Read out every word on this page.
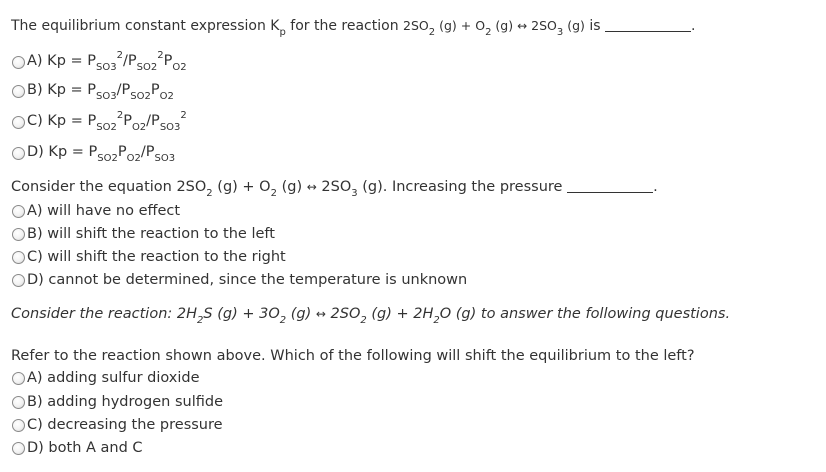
The equilibrium constant expression $K_p$ for the reaction $2SO_2$ $(g) + O_2$ (g) ↔ $2SO_3$ (g) is	.
A) $Kp = P_{SO3}^2/P_{SO2}^2P_{O2}$
B) $Kp = P_{SO3}/P_{SO2}P_{O2}$
C) $Kp = P_{SO2}^2P_{O2}/P_{SO3}^2$
D) $Kp = P_{SO2}P_{O2}/P_{SO3}$
Consider the equation $2SO_2$ $(g) + O_2$ (g) ↔ $2SO_3$ (g). Increasing the pressure	.
A) will have no effect
B) will shift the reaction to the left
C) will shift the reaction to the right
D) cannot be determined, since the temperature is unknown
Consider the reaction: $2H_2S$ $(g) + 3O_2$ (g) ↔ $2SO_2$ $(g) + 2H_2O$ (g) to answer the following questions.
Refer to the reaction shown above. Which of the following will shift the equilibrium to the left?
A) adding sulfur dioxide
B) adding hydrogen sulfide
C) decreasing the pressure
D) both A and C
